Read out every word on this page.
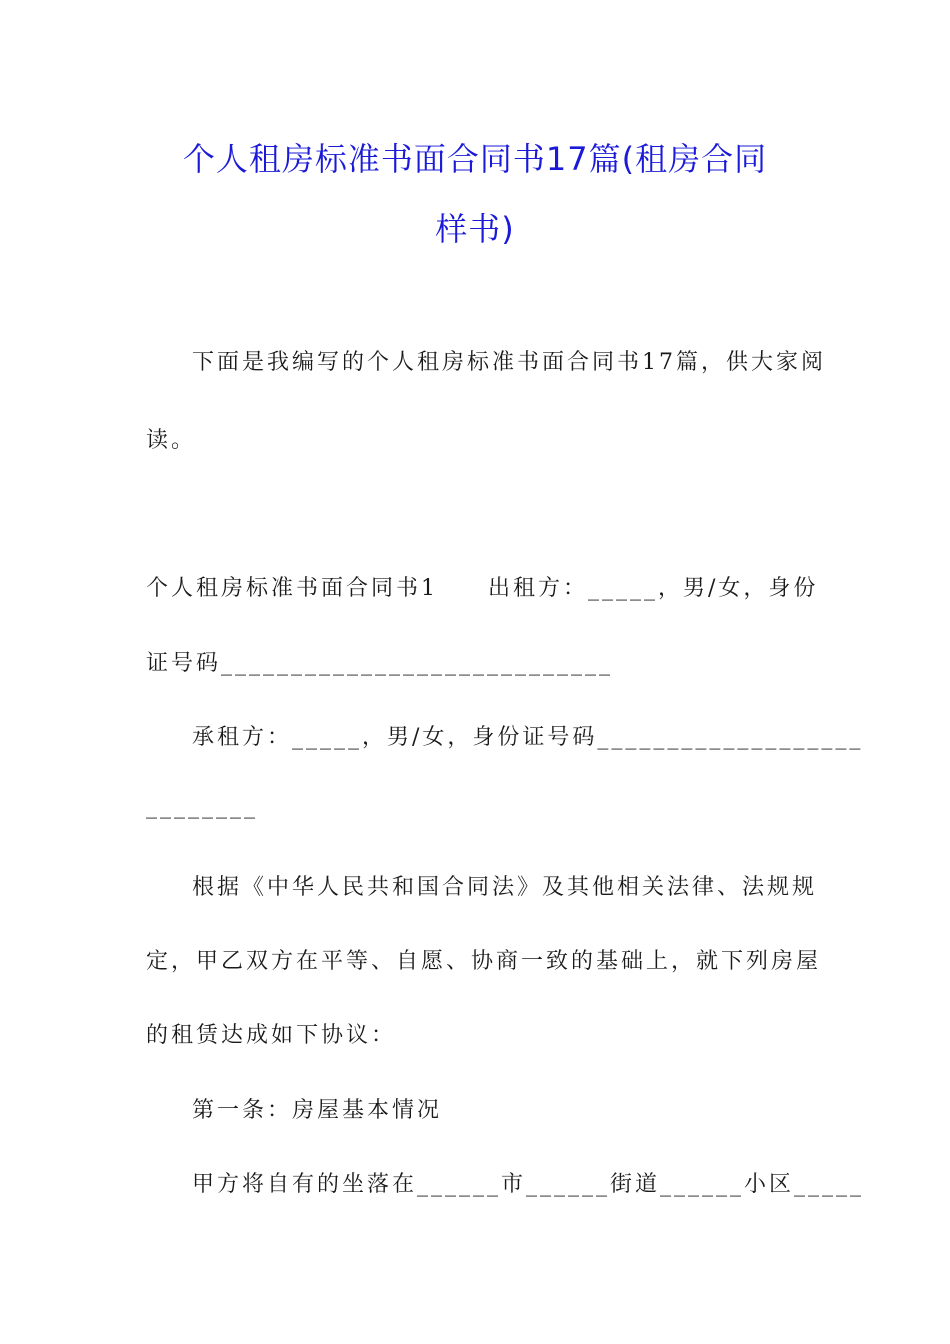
个人租房标准书面合同书17篇(租房合同
样书)
下面是我编写的个人租房标准书面合同书17篇，供大家阅
读。
个人租房标准书面合同书1　　出租方：_____，男/女，身份
证号码____________________________
承租方：_____，男/女，身份证号码___________________
________
根据《中华人民共和国合同法》及其他相关法律、法规规
定，甲乙双方在平等、自愿、协商一致的基础上，就下列房屋
的租赁达成如下协议：
第一条：房屋基本情况
甲方将自有的坐落在______市______街道______小区_____
